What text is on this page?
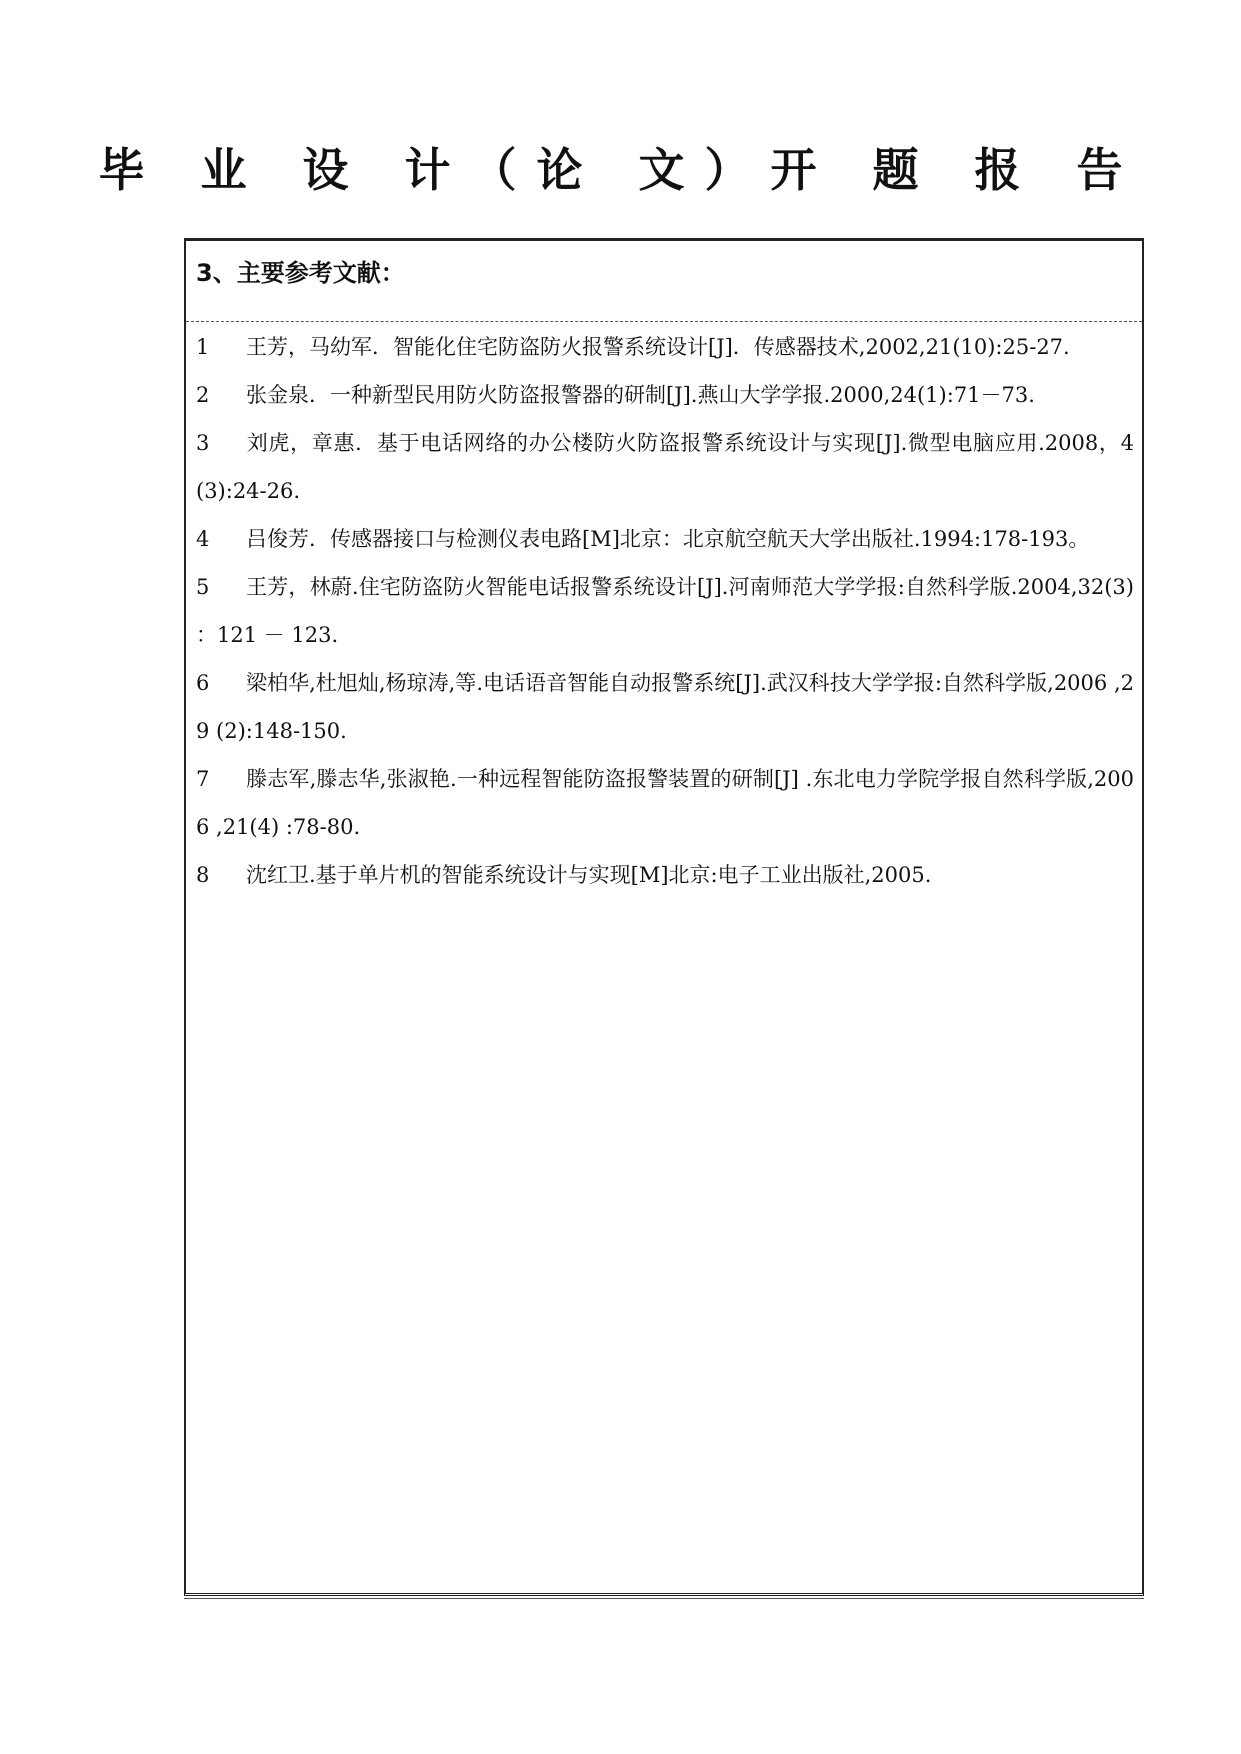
毕 业 设 计（论 文）开 题 报 告
3、主要参考文献：
1 王芳，马幼军．智能化住宅防盗防火报警系统设计[J]．传感器技术,2002,21(10):25-27.
2 张金泉．一种新型民用防火防盗报警器的研制[J].燕山大学学报.2000,24(1):71－73.
3 刘虎，章惠．基于电话网络的办公楼防火防盗报警系统设计与实现[J].微型电脑应用.2008，4(3):24-26.
4 吕俊芳．传感器接口与检测仪表电路[M]北京：北京航空航天大学出版社.1994:178-193。
5 王芳，林蔚.住宅防盗防火智能电话报警系统设计[J].河南师范大学学报:自然科学版.2004,32(3) ：121 － 123.
6 梁柏华,杜旭灿,杨琼涛,等.电话语音智能自动报警系统[J].武汉科技大学学报:自然科学版,2006 ,29 (2):148-150.
7 滕志军,滕志华,张淑艳.一种远程智能防盗报警装置的研制[J] .东北电力学院学报自然科学版,2006 ,21(4) :78-80.
8 沈红卫.基于单片机的智能系统设计与实现[M]北京:电子工业出版社,2005.
